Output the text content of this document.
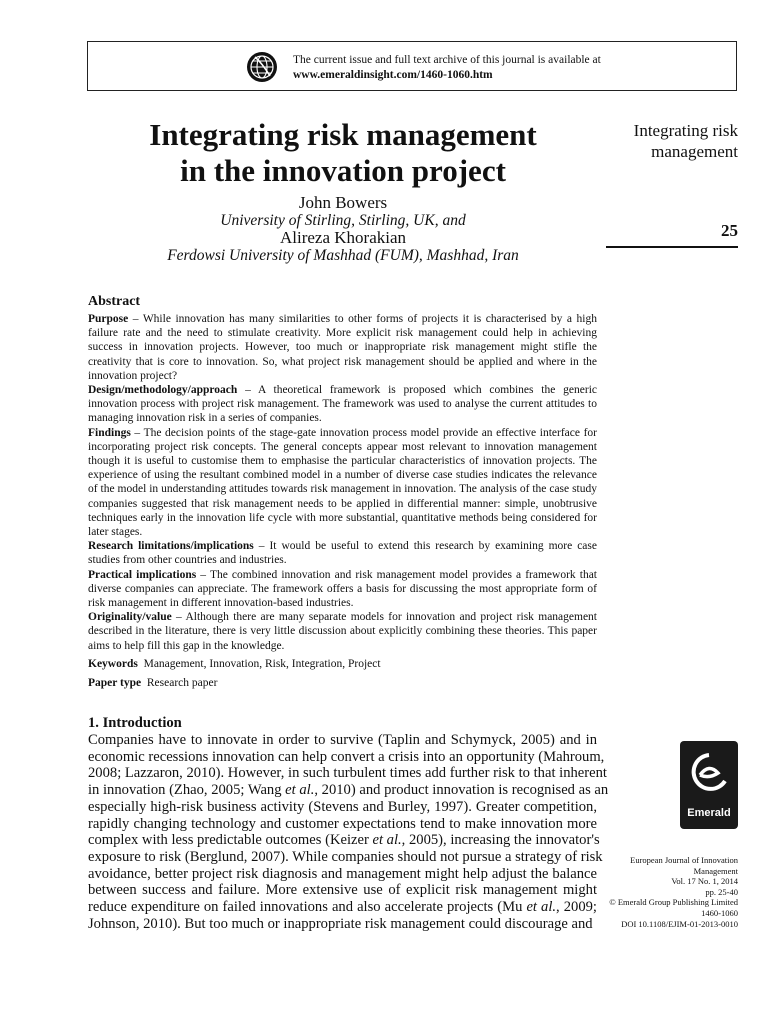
The current issue and full text archive of this journal is available at
www.emeraldinsight.com/1460-1060.htm
Integrating risk management
in the innovation project
John Bowers
University of Stirling, Stirling, UK, and
Alireza Khorakian
Ferdowsi University of Mashhad (FUM), Mashhad, Iran
Integrating risk
management
25
Abstract

Purpose – While innovation has many similarities to other forms of projects it is characterised by a high failure rate and the need to stimulate creativity. More explicit risk management could help in achieving success in innovation projects. However, too much or inappropriate risk management might stifle the creativity that is core to innovation. So, what project risk management should be applied and where in the innovation project?

Design/methodology/approach – A theoretical framework is proposed which combines the generic innovation process with project risk management. The framework was used to analyse the current attitudes to managing innovation risk in a series of companies.

Findings – The decision points of the stage-gate innovation process model provide an effective interface for incorporating project risk concepts. The general concepts appear most relevant to innovation management though it is useful to customise them to emphasise the particular characteristics of innovation projects. The experience of using the resultant combined model in a number of diverse case studies indicates the relevance of the model in understanding attitudes towards risk management in innovation. The analysis of the case study companies suggested that risk management needs to be applied in differential manner: simple, unobtrusive techniques early in the innovation life cycle with more substantial, quantitative methods being considered for later stages.

Research limitations/implications – It would be useful to extend this research by examining more case studies from other countries and industries.

Practical implications – The combined innovation and risk management model provides a framework that diverse companies can appreciate. The framework offers a basis for discussing the most appropriate form of risk management in different innovation-based industries.

Originality/value – Although there are many separate models for innovation and project risk management described in the literature, there is very little discussion about explicitly combining these theories. This paper aims to help fill this gap in the knowledge.

Keywords Management, Innovation, Risk, Integration, Project
Paper type Research paper
1. Introduction

Companies have to innovate in order to survive (Taplin and Schymyck, 2005) and in
economic recessions innovation can help convert a crisis into an opportunity (Mahroum,
2008; Lazzaron, 2010). However, in such turbulent times add further risk to that inherent
in innovation (Zhao, 2005; Wang et al., 2010) and product innovation is recognised as an
especially high-risk business activity (Stevens and Burley, 1997). Greater competition,
rapidly changing technology and customer expectations tend to make innovation more
complex with less predictable outcomes (Keizer et al., 2005), increasing the innovator's
exposure to risk (Berglund, 2007). While companies should not pursue a strategy of risk
avoidance, better project risk diagnosis and management might help adjust the balance
between success and failure. More extensive use of explicit risk management might
reduce expenditure on failed innovations and also accelerate projects (Mu et al., 2009;
Johnson, 2010). But too much or inappropriate risk management could discourage and

Emerald
European Journal of Innovation
Management
Vol. 17 No. 1, 2014
pp. 25-40
© Emerald Group Publishing Limited
1460-1060
DOI 10.1108/EJIM-01-2013-0010
